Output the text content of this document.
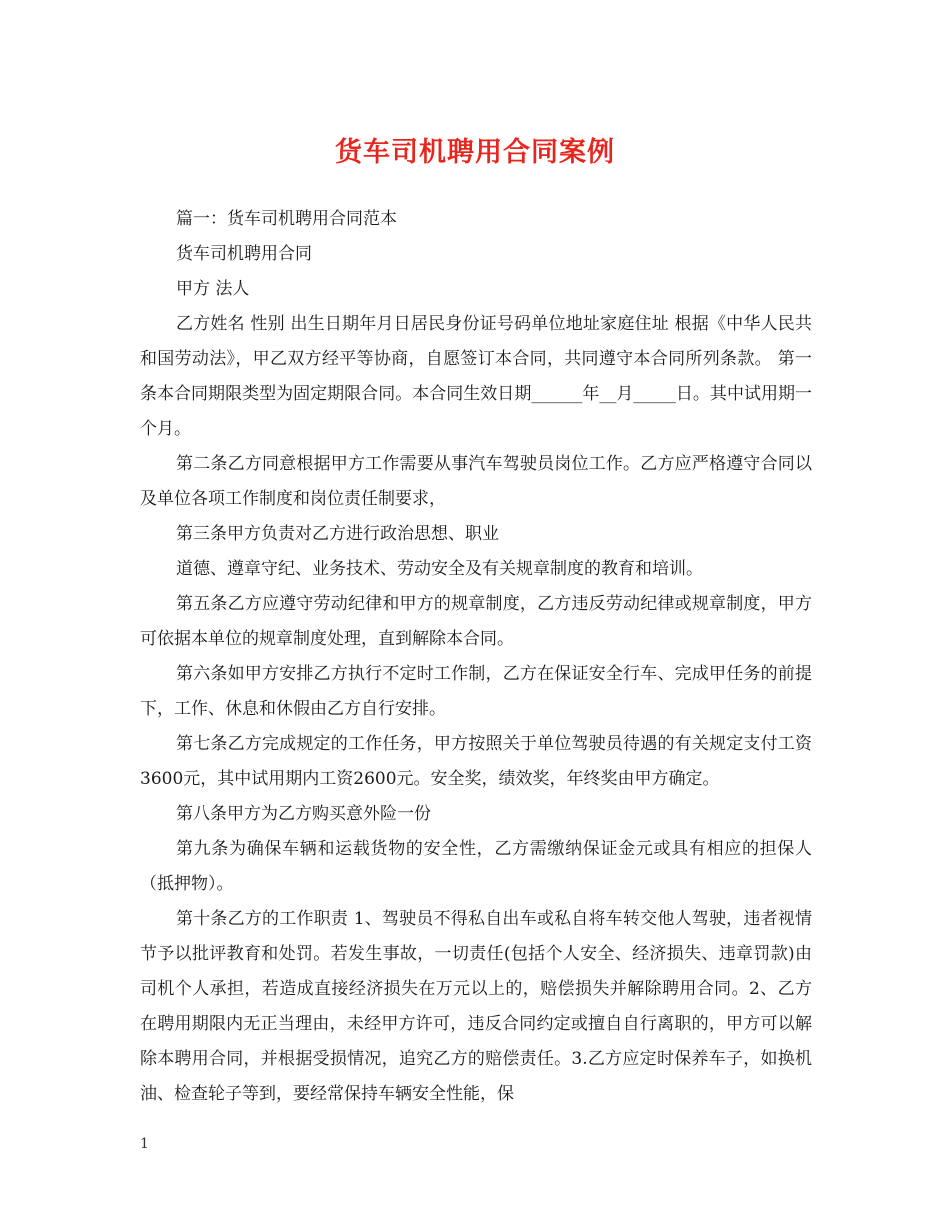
货车司机聘用合同案例

篇一：货车司机聘用合同范本

货车司机聘用合同

甲方 法人

乙方姓名 性别 出生日期年月日居民身份证号码单位地址家庭住址 根据《中华人民共和国劳动法》，甲乙双方经平等协商，自愿签订本合同，共同遵守本合同所列条款。 第一条本合同期限类型为固定期限合同。本合同生效日期______年__月_____日。其中试用期一个月。

第二条乙方同意根据甲方工作需要从事汽车驾驶员岗位工作。乙方应严格遵守合同以及单位各项工作制度和岗位责任制要求，

第三条甲方负责对乙方进行政治思想、职业

道德、遵章守纪、业务技术、劳动安全及有关规章制度的教育和培训。

第五条乙方应遵守劳动纪律和甲方的规章制度，乙方违反劳动纪律或规章制度，甲方可依据本单位的规章制度处理，直到解除本合同。

第六条如甲方安排乙方执行不定时工作制，乙方在保证安全行车、完成甲任务的前提下，工作、休息和休假由乙方自行安排。

第七条乙方完成规定的工作任务，甲方按照关于单位驾驶员待遇的有关规定支付工资3600元，其中试用期内工资2600元。安全奖，绩效奖，年终奖由甲方确定。

第八条甲方为乙方购买意外险一份

第九条为确保车辆和运载货物的安全性，乙方需缴纳保证金元或具有相应的担保人（抵押物）。

第十条乙方的工作职责 1、驾驶员不得私自出车或私自将车转交他人驾驶，违者视情节予以批评教育和处罚。若发生事故，一切责任(包括个人安全、经济损失、违章罚款)由司机个人承担，若造成直接经济损失在万元以上的，赔偿损失并解除聘用合同。2、乙方在聘用期限内无正当理由，未经甲方许可，违反合同约定或擅自自行离职的，甲方可以解除本聘用合同，并根据受损情况，追究乙方的赔偿责任。3.乙方应定时保养车子，如换机油、检查轮子等到，要经常保持车辆安全性能，保

1
